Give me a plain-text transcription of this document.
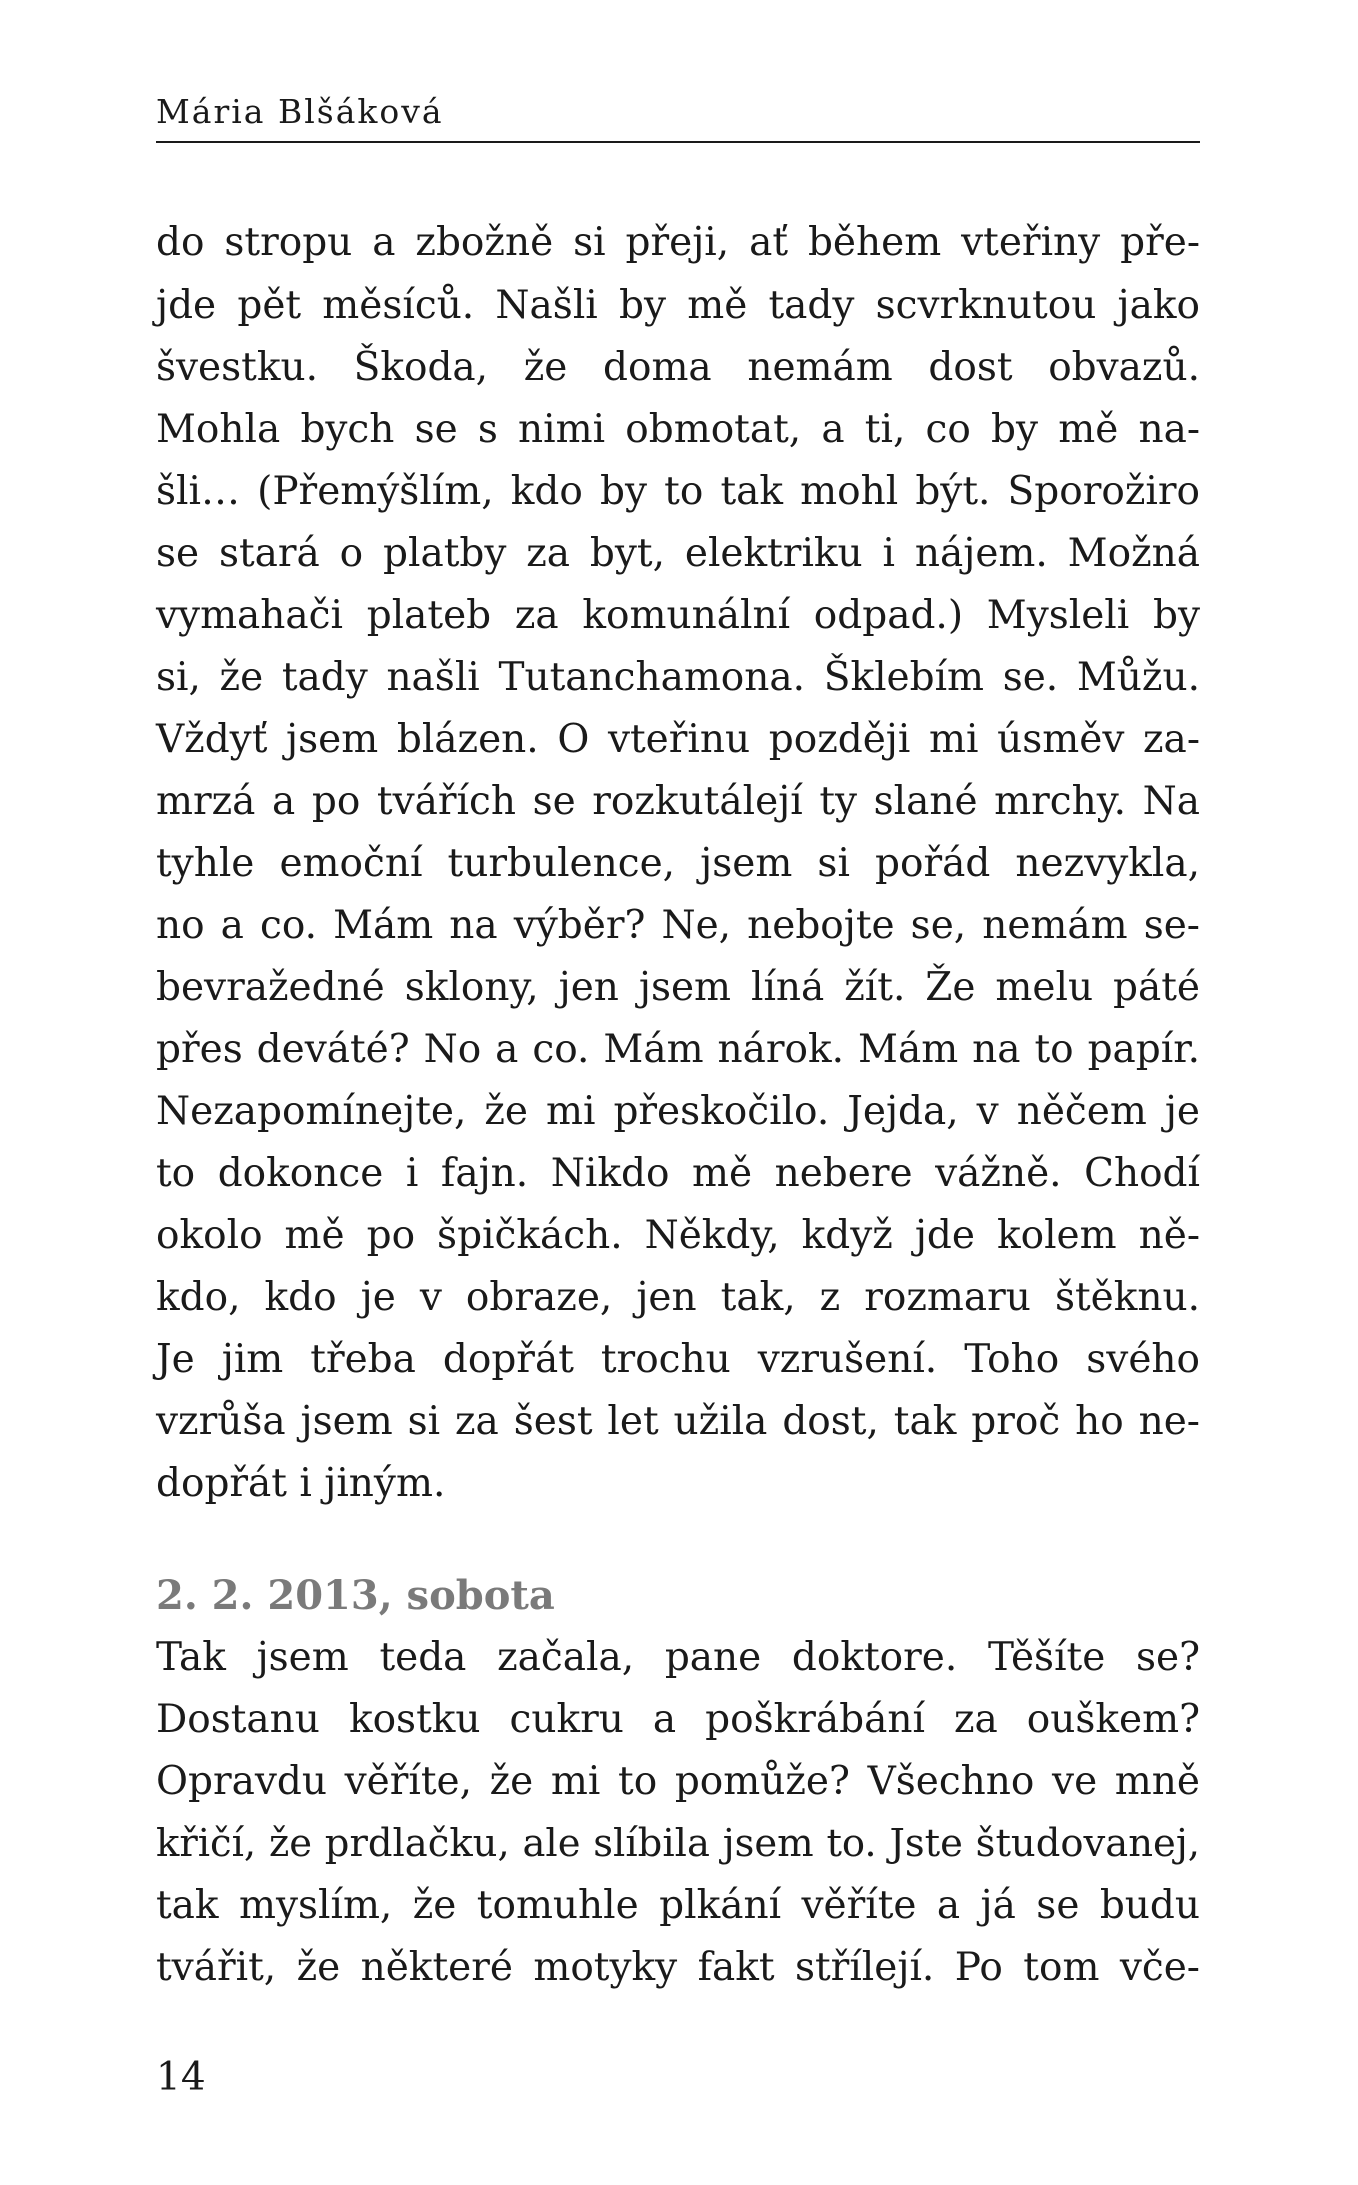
Mária Blšáková
do stropu a zbožně si přeji, ať během vteřiny pře-
jde pět měsíců. Našli by mě tady scvrknutou jako
švestku. Škoda, že doma nemám dost obvazů.
Mohla bych se s nimi obmotat, a ti, co by mě na-
šli… (Přemýšlím, kdo by to tak mohl být. Sporožiro
se stará o platby za byt, elektriku i nájem. Možná
vymahači plateb za komunální odpad.) Mysleli by
si, že tady našli Tutanchamona. Šklebím se. Můžu.
Vždyť jsem blázen. O vteřinu později mi úsměv za-
mrzá a po tvářích se rozkutálejí ty slané mrchy. Na
tyhle emoční turbulence, jsem si pořád nezvykla,
no a co. Mám na výběr? Ne, nebojte se, nemám se-
bevražedné sklony, jen jsem líná žít. Že melu páté
přes deváté? No a co. Mám nárok. Mám na to papír.
Nezapomínejte, že mi přeskočilo. Jejda, v něčem je
to dokonce i fajn. Nikdo mě nebere vážně. Chodí
okolo mě po špičkách. Někdy, když jde kolem ně-
kdo, kdo je v obraze, jen tak, z rozmaru štěknu.
Je jim třeba dopřát trochu vzrušení. Toho svého
vzrůša jsem si za šest let užila dost, tak proč ho ne-
dopřát i jiným.
2. 2. 2013, sobota
Tak jsem teda začala, pane doktore. Těšíte se?
Dostanu kostku cukru a poškrábání za ouškem?
Opravdu věříte, že mi to pomůže? Všechno ve mně
křičí, že prdlačku, ale slíbila jsem to. Jste študovanej,
tak myslím, že tomuhle plkání věříte a já se budu
tvářit, že některé motyky fakt střílejí. Po tom vče-
14
